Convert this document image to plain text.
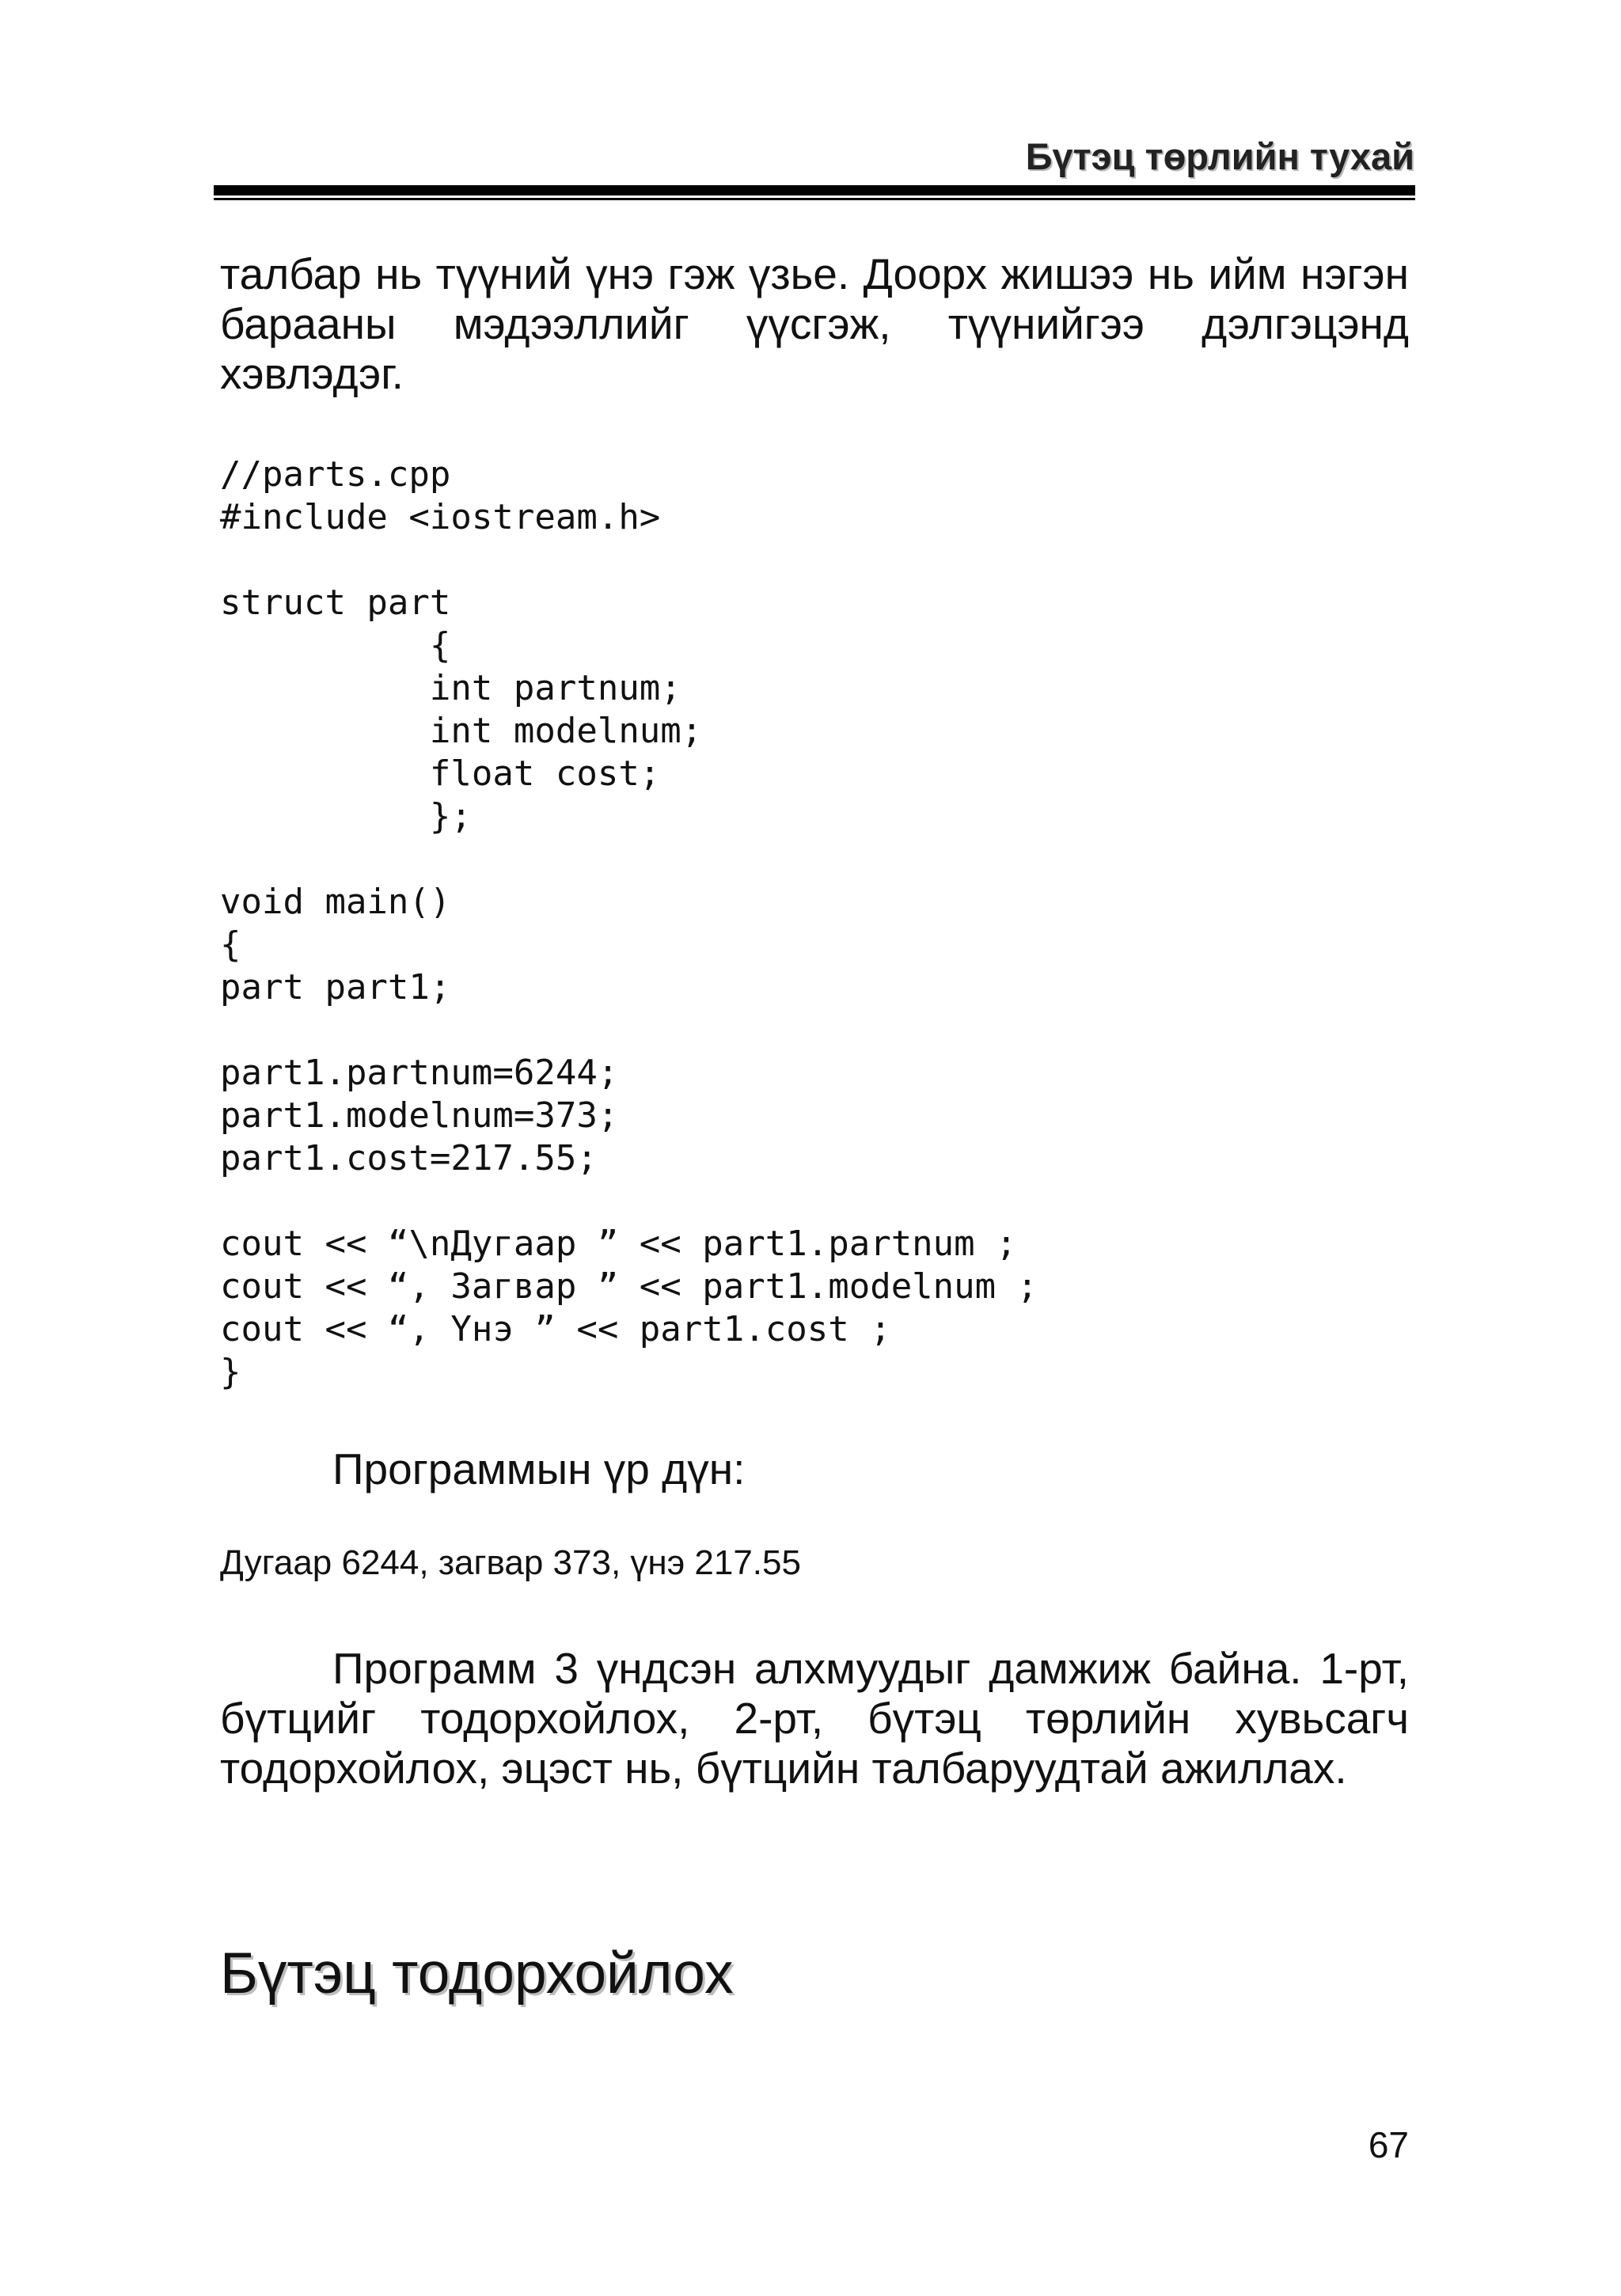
Бүтэц төрлийн тухай

талбар нь түүний үнэ гэж үзье. Доорх жишээ нь ийм нэгэн барааны мэдээллийг үүсгэж, түүнийгээ дэлгэцэнд хэвлэдэг.

//parts.cpp
#include <iostream.h>
struct part
{
int partnum;
int modelnum;
float cost;
};
void main()
{
part part1;
part1.partnum=6244;
part1.modelnum=373;
part1.cost=217.55;
cout << “\nДугаар ” << part1.partnum ;
cout << “, Загвар ” << part1.modelnum ;
cout << “, Үнэ ” << part1.cost ;
}

Программын үр дүн:

Дугаар 6244, загвар 373, үнэ 217.55

Программ 3 үндсэн алхмуудыг дамжиж байна. 1-рт, бүтцийг тодорхойлох, 2-рт, бүтэц төрлийн хувьсагч тодорхойлох, эцэст нь, бүтцийн талбаруудтай ажиллах.

Бүтэц тодорхойлох
67
